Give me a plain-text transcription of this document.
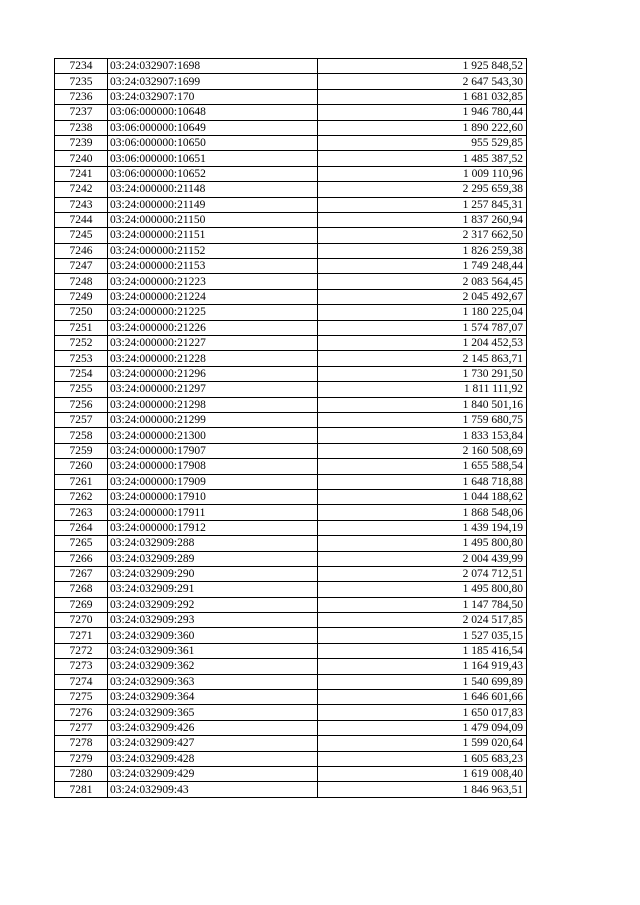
7234	03:24:032907:1698	1 925 848,52
7235	03:24:032907:1699	2 647 543,30
7236	03:24:032907:170	1 681 032,85
7237	03:06:000000:10648	1 946 780,44
7238	03:06:000000:10649	1 890 222,60
7239	03:06:000000:10650	955 529,85
7240	03:06:000000:10651	1 485 387,52
7241	03:06:000000:10652	1 009 110,96
7242	03:24:000000:21148	2 295 659,38
7243	03:24:000000:21149	1 257 845,31
7244	03:24:000000:21150	1 837 260,94
7245	03:24:000000:21151	2 317 662,50
7246	03:24:000000:21152	1 826 259,38
7247	03:24:000000:21153	1 749 248,44
7248	03:24:000000:21223	2 083 564,45
7249	03:24:000000:21224	2 045 492,67
7250	03:24:000000:21225	1 180 225,04
7251	03:24:000000:21226	1 574 787,07
7252	03:24:000000:21227	1 204 452,53
7253	03:24:000000:21228	2 145 863,71
7254	03:24:000000:21296	1 730 291,50
7255	03:24:000000:21297	1 811 111,92
7256	03:24:000000:21298	1 840 501,16
7257	03:24:000000:21299	1 759 680,75
7258	03:24:000000:21300	1 833 153,84
7259	03:24:000000:17907	2 160 508,69
7260	03:24:000000:17908	1 655 588,54
7261	03:24:000000:17909	1 648 718,88
7262	03:24:000000:17910	1 044 188,62
7263	03:24:000000:17911	1 868 548,06
7264	03:24:000000:17912	1 439 194,19
7265	03:24:032909:288	1 495 800,80
7266	03:24:032909:289	2 004 439,99
7267	03:24:032909:290	2 074 712,51
7268	03:24:032909:291	1 495 800,80
7269	03:24:032909:292	1 147 784,50
7270	03:24:032909:293	2 024 517,85
7271	03:24:032909:360	1 527 035,15
7272	03:24:032909:361	1 185 416,54
7273	03:24:032909:362	1 164 919,43
7274	03:24:032909:363	1 540 699,89
7275	03:24:032909:364	1 646 601,66
7276	03:24:032909:365	1 650 017,83
7277	03:24:032909:426	1 479 094,09
7278	03:24:032909:427	1 599 020,64
7279	03:24:032909:428	1 605 683,23
7280	03:24:032909:429	1 619 008,40
7281	03:24:032909:43	1 846 963,51
